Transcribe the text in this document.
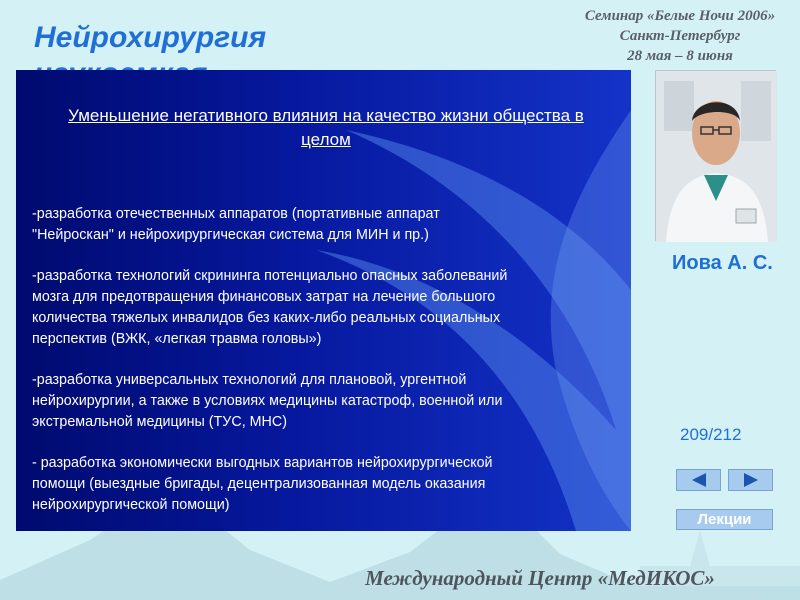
Нейрохирургия
Семинар «Белые Ночи 2006»
Санкт-Петербург
28 мая – 8 июня
Уменьшение негативного влияния на качество жизни общества в целом
-разработка отечественных аппаратов (портативные аппарат
"Нейроскан" и нейрохирургическая система для МИН и пр.)
-разработка технологий скрининга потенциально опасных заболеваний
мозга для предотвращения финансовых затрат на лечение большого
количества тяжелых инвалидов без каких-либо реальных социальных
перспектив (ВЖК, «легкая травма головы»)
-разработка универсальных технологий для плановой, ургентной
нейрохирургии, а также в условиях медицины катастроф, военной или
экстремальной медицины (ТУС, МНС)
- разработка экономически выгодных вариантов нейрохирургической
помощи (выездные бригады, децентрализованная модель оказания
нейрохирургической помощи)
Иова А. С.
209/212
Лекции
Международный Центр «МедИКОС»
